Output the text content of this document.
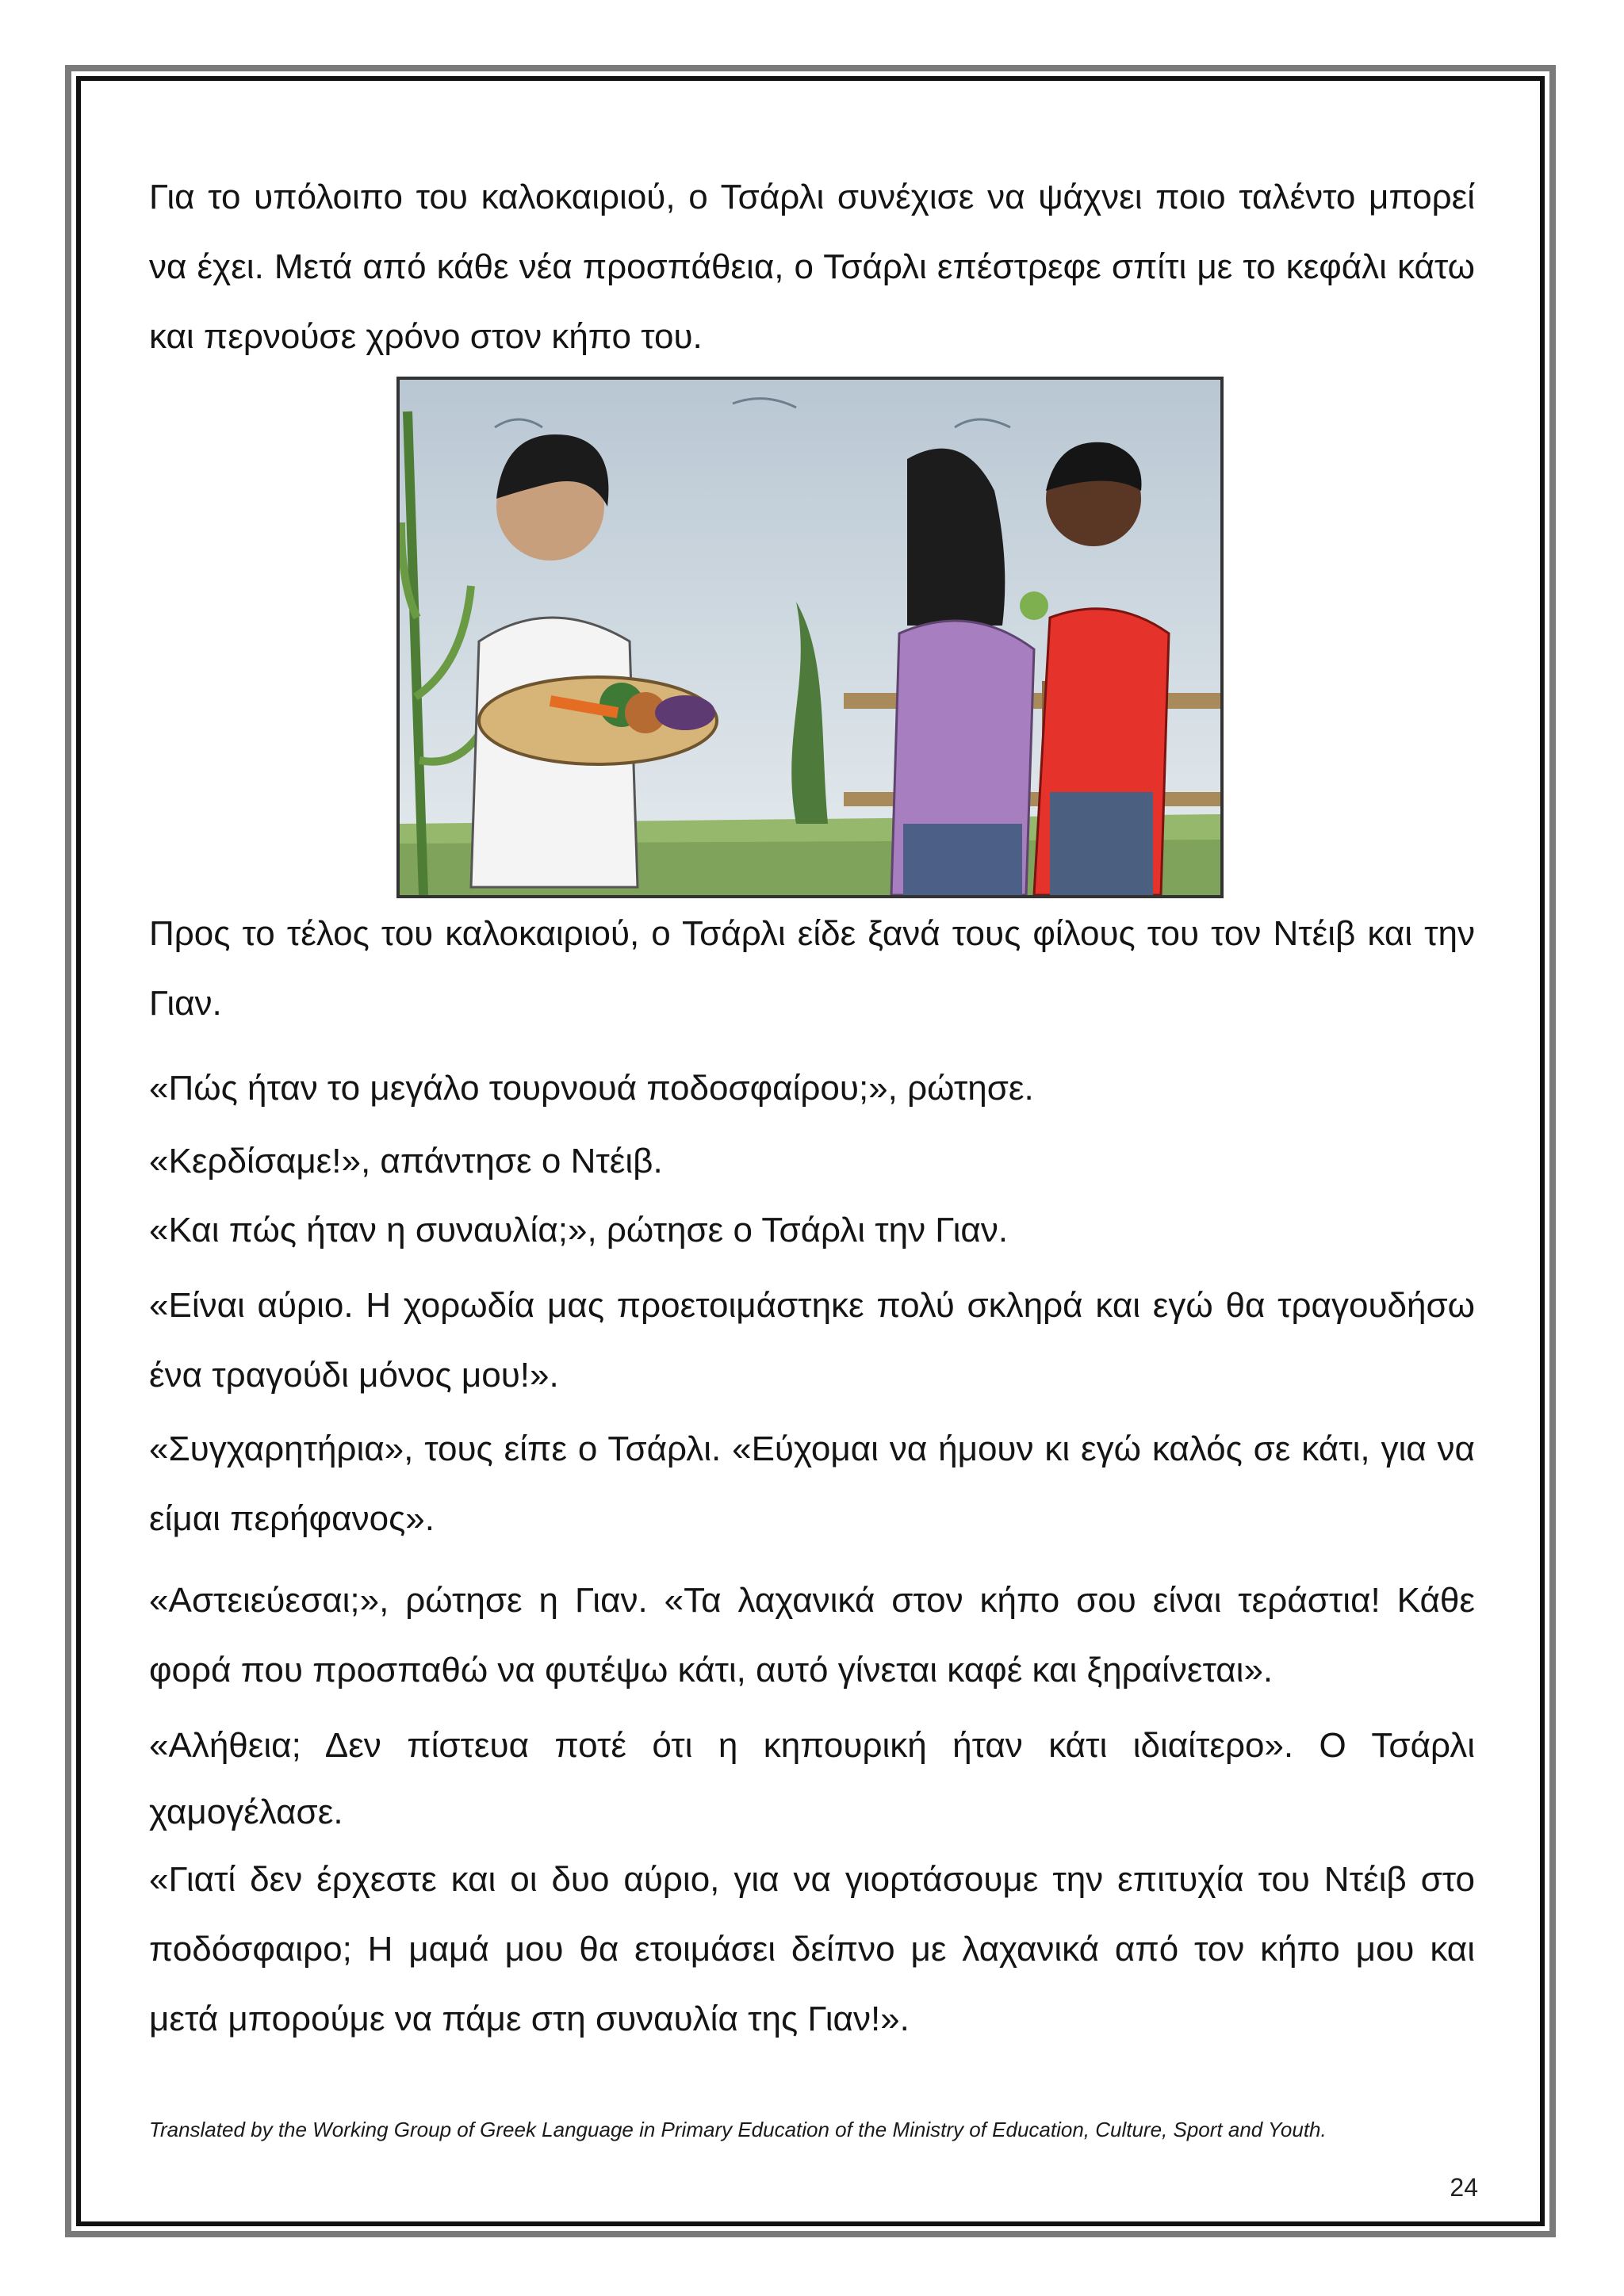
Για το υπόλοιπο του καλοκαιριού, ο Τσάρλι συνέχισε να ψάχνει ποιο ταλέντο μπορεί να έχει. Μετά από κάθε νέα προσπάθεια, ο Τσάρλι επέστρεφε σπίτι με το κεφάλι κάτω και περνούσε χρόνο στον κήπο του.

Προς το τέλος του καλοκαιριού, ο Τσάρλι είδε ξανά τους φίλους του τον Ντέιβ και την Γιαν.

«Πώς ήταν το μεγάλο τουρνουά ποδοσφαίρου;», ρώτησε.

«Κερδίσαμε!», απάντησε ο Ντέιβ.

«Και πώς ήταν η συναυλία;», ρώτησε ο Τσάρλι την Γιαν.

«Είναι αύριο. Η χορωδία μας προετοιμάστηκε πολύ σκληρά και εγώ θα τραγουδήσω ένα τραγούδι μόνος μου!».

«Συγχαρητήρια», τους είπε ο Τσάρλι. «Εύχομαι να ήμουν κι εγώ καλός σε κάτι, για να είμαι περήφανος».

«Αστειεύεσαι;», ρώτησε η Γιαν. «Τα λαχανικά στον κήπο σου είναι τεράστια! Κάθε φορά που προσπαθώ να φυτέψω κάτι, αυτό γίνεται καφέ και ξηραίνεται».

«Αλήθεια; Δεν πίστευα ποτέ ότι η κηπουρική ήταν κάτι ιδιαίτερο». Ο Τσάρλι χαμογέλασε.

«Γιατί δεν έρχεστε και οι δυο αύριο, για να γιορτάσουμε την επιτυχία του Ντέιβ στο ποδόσφαιρο; Η μαμά μου θα ετοιμάσει δείπνο με λαχανικά από τον κήπο μου και μετά μπορούμε να πάμε στη συναυλία της Γιαν!».

Translated by the Working Group of Greek Language in Primary Education of the Ministry of Education, Culture, Sport and Youth.

24
